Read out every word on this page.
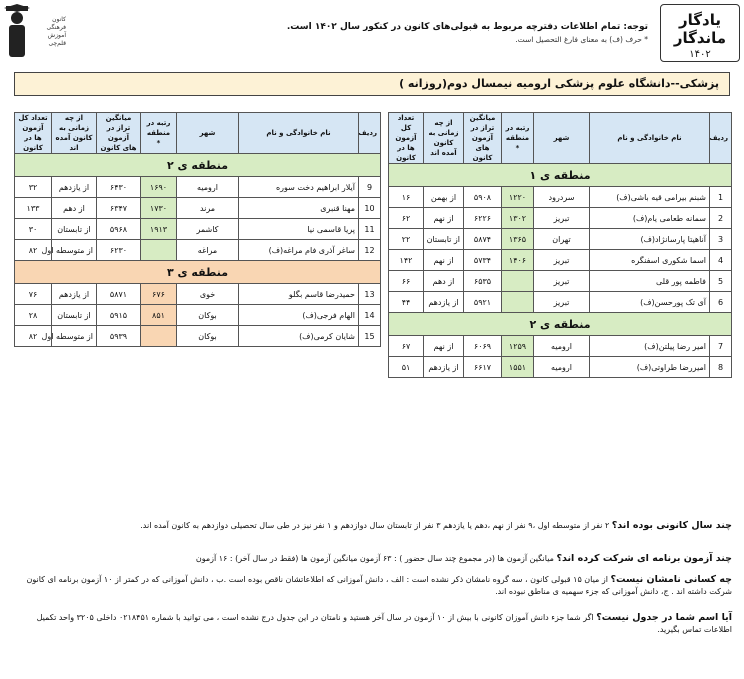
کانون فرهنگی آموزش قلم‌چی
توجه: تمام اطلاعات دفترچه مربوط به قبولی‌های کانون در کنکور سال ۱۴۰۲ است.
* حرف (ف) به معنای فارغ التحصیل است.
یادگار ماندگار
۱۴۰۲
پزشکی--دانشگاه علوم پزشکی ارومیه نیمسال دوم(روزانه )
ردیف	نام خانوادگی و نام	شهر	رتبه در منطقه *	میانگین تراز در آزمون های کانون	از چه زمانی به کانون آمده اند	تعداد کل آزمون ها در کانون
منطقه ی ۱						
1	شبنم بیرامی قیه باشی(ف)	سردرود	۱۲۲۰	۵۹۰۸	از بهمن	۱۶
2	سمانه طعامی یام(ف)	تبریز	۱۳۰۲	۶۲۲۶	از نهم	۶۲
3	آناهیتا پارسانژاد(ف)	تهران	۱۳۶۵	۵۸۷۴	از تابستان	۲۲
4	اسما شکوری اسفنگره	تبریز	۱۴۰۶	۵۷۳۴	از نهم	۱۴۲
5	فاطمه پور قلی	تبریز		۶۵۳۵	از دهم	۶۶
6	آی تک پورحسن(ف)	تبریز		۵۹۲۱	از یازدهم	۴۴
منطقه ی ۲						
7	امیر رضا پیلتن(ف)	ارومیه	۱۲۵۹	۶۰۶۹	از نهم	۶۷
8	امیررضا طراوتی(ف)	ارومیه	۱۵۵۱	۶۶۱۷	از یازدهم	۵۱
ردیف	نام خانوادگی و نام	شهر	رتبه در منطقه *	میانگین تراز در آزمون های کانون	از چه زمانی به کانون آمده اند	تعداد کل آزمون ها در کانون
منطقه ی ۲						
9	آیلار ابراهیم دخت سوره	ارومیه	۱۶۹۰	۶۴۳۰	از یازدهم	۳۲
10	مهنا قنبری	مرند	۱۷۳۰	۶۳۴۷	از دهم	۱۳۳
11	پریا قاسمی نیا	کاشمر	۱۹۱۳	۵۹۶۸	از تابستان	۳۰
12	ساغر آذری فام مراغه(ف)	مراغه		۶۲۳۰	از متوسطه اول	۸۲
منطقه ی ۳						
13	حمیدرضا قاسم بگلو	خوی	۶۷۶	۵۸۷۱	از یازدهم	۷۶
14	الهام فرجی(ف)	بوکان	۸۵۱	۵۹۱۵	از تابستان	۲۸
15	شایان کرمی(ف)	بوکان		۵۹۳۹	از متوسطه اول	۸۲
چند سال کانونی بوده اند؟ ۲ نفر از متوسطه اول ،۹ نفر از نهم ،دهم یا یازدهم ۳ نفر از تابستان سال دوازدهم و ۱ نفر نیز در طی سال تحصیلی دوازدهم به کانون آمده اند.
چند آزمون برنامه ای شرکت کرده اند؟ میانگین آزمون ها (در مجموع چند سال حضور ) : ۶۳ آزمون میانگین آزمون ها (فقط در سال آخر) : ۱۶ آزمون
چه کسانی نامشان نیست؟ از میان ۱۵ قبولی کانون ، سه گروه نامشان ذکر نشده است : الف ، دانش آموزانی که اطلاعاتشان ناقص بوده است .ب ، دانش آموزانی که در کمتر از ۱۰ آزمون برنامه ای کانون شرکت داشته اند . ج، دانش آموزانی که جزء سهمیه ی مناطق نبوده اند.
آیا اسم شما در جدول نیست؟ اگر شما جزء دانش آموزان کانونی با بیش از ۱۰ آزمون در سال آخر هستید و نامتان در این جدول درج نشده است ، می توانید با شماره ۰۲۱۸۴۵۱ داخلی ۳۲۰۵ واحد تکمیل اطلاعات تماس بگیرید.
